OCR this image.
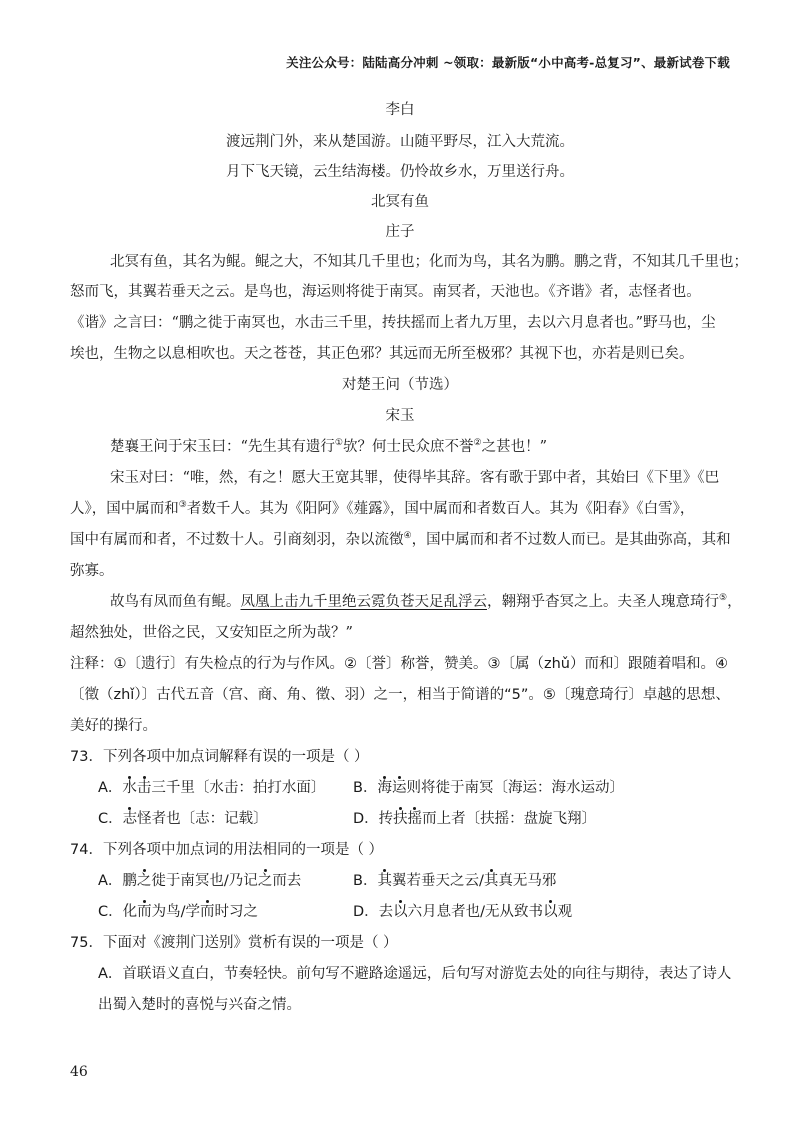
关注公众号：陆陆高分冲刺 ~领取：最新版“小中高考-总复习”、最新试卷下载
李白
渡远荆门外，来从楚国游。山随平野尽，江入大荒流。
月下飞天镜，云生结海楼。仍怜故乡水，万里送行舟。
北冥有鱼
庄子
北冥有鱼，其名为鲲。鲲之大，不知其几千里也；化而为鸟，其名为鹏。鹏之背，不知其几千里也；
怒而飞，其翼若垂天之云。是鸟也，海运则将徙于南冥。南冥者，天池也。《齐谐》者，志怪者也。
《谐》之言曰：“鹏之徙于南冥也，水击三千里，抟扶摇而上者九万里，去以六月息者也。”野马也，尘
埃也，生物之以息相吹也。天之苍苍，其正色邪？其远而无所至极邪？其视下也，亦若是则已矣。
对楚王问（节选）
宋玉
楚襄王问于宋玉曰：“先生其有遗行①欤？何士民众庶不誉②之甚也！”
宋玉对曰：“唯，然，有之！愿大王宽其罪，使得毕其辞。客有歌于郢中者，其始曰《下里》《巴
人》，国中属而和③者数千人。其为《阳阿》《薤露》，国中属而和者数百人。其为《阳春》《白雪》，
国中有属而和者，不过数十人。引商刻羽，杂以流徵④，国中属而和者不过数人而已。是其曲弥高，其和
弥寡。
故鸟有凤而鱼有鲲。凤凰上击九千里绝云霓负苍天足乱浮云，翱翔乎杳冥之上。夫圣人瑰意琦行⑤，
超然独处，世俗之民，又安知臣之所为哉？”
注释：①〔遗行〕有失检点的行为与作风。②〔誉〕称誉，赞美。③〔属（zhǔ）而和〕跟随着唱和。④
〔徵（zhǐ）〕古代五音（宫、商、角、徵、羽）之一，相当于简谱的“5”。⑤〔瑰意琦行〕卓越的思想、
美好的操行。
73．下列各项中加点词解释有误的一项是（ ）
A．水击三千里〔水击：拍打水面〕 B．海运则将徙于南冥〔海运：海水运动〕
C．志怪者也〔志：记载〕	D．抟扶摇而上者〔扶摇：盘旋飞翔〕
74．下列各项中加点词的用法相同的一项是（ ）
A．鹏之徙于南冥也/乃记之而去	B．其翼若垂天之云/其真无马邪
C．化而为鸟/学而时习之	D．去以六月息者也/无从致书以观
75．下面对《渡荆门送别》赏析有误的一项是（ ）
A．首联语义直白，节奏轻快。前句写不避路途遥远，后句写对游览去处的向往与期待，表达了诗人
出蜀入楚时的喜悦与兴奋之情。
46
